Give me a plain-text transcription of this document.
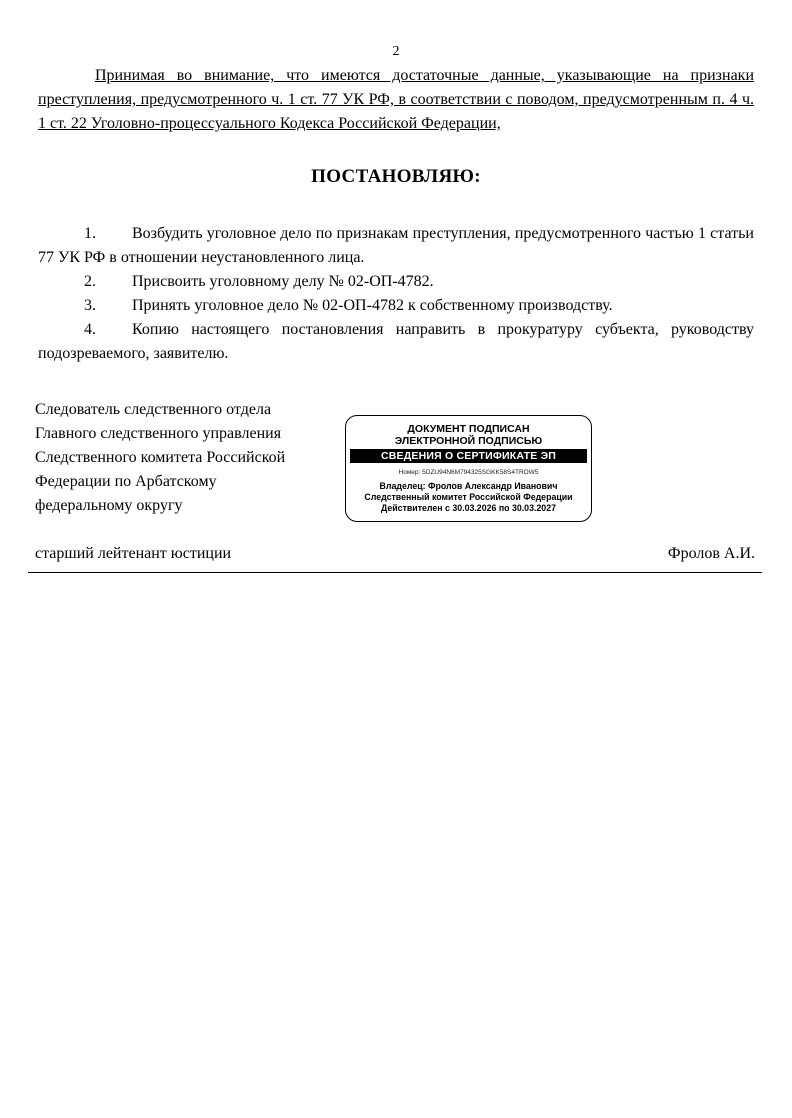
2
Принимая во внимание, что имеются достаточные данные, указывающие на признаки преступления, предусмотренного ч. 1 ст. 77 УК РФ, в соответствии с поводом, предусмотренным п. 4 ч. 1 ст. 22 Уголовно-процессуального Кодекса Российской Федерации,
ПОСТАНОВЛЯЮ:
1. Возбудить уголовное дело по признакам преступления, предусмотренного частью 1 статьи 77 УК РФ в отношении неустановленного лица.
2. Присвоить уголовному делу № 02-ОП-4782.
3. Принять уголовное дело № 02-ОП-4782 к собственному производству.
4. Копию настоящего постановления направить в прокуратуру субъекта, руководству подозреваемого, заявителю.
Следователь следственного отдела
Главного следственного управления
Следственного комитета Российской
Федерации по Арбатскому
федеральному округу
ДОКУМЕНТ ПОДПИСАН
ЭЛЕКТРОННОЙ ПОДПИСЬЮ
СВЕДЕНИЯ О СЕРТИФИКАТЕ ЭП
Номер: 5DZU94N6M794325SGKK58S4TROW5
Владелец: Фролов Александр Иванович
Следственный комитет Российской Федерации
Действителен с 30.03.2026 по 30.03.2027
старший лейтенант юстиции	Фролов А.И.
